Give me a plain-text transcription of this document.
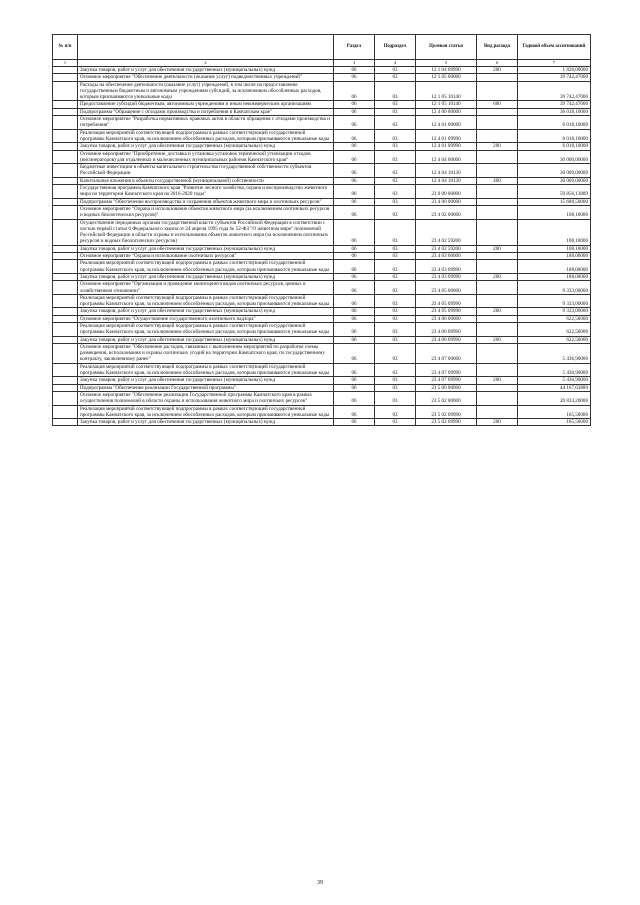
№ п/п		Раздел	Подраздел	Целевая статья	Вид расхода	Годовой объем ассигнований
1	2	3	4	5	6	7
	Закупка товаров, работ и услуг для обеспечения государственных (муниципальных) нужд	06	03	12 1 04 09990	200	1 826,00000
	Основное мероприятие "Обеспечение деятельности (оказание услуг) подведомственных учреждений"	06	03	12 1 05 00000		39 742,47000
	Расходы на обеспечение деятельности (оказание услуг) учреждений, в том числе на предоставление государственным бюджетным и автономным учреждениям субсидий, за исключением обособленных расходов, которым присваиваются уникальные коды	06	03	12 1 05 10140		39 742,47000
	Предоставление субсидий бюджетным, автономным учреждениям и иным некоммерческим организациям	06	03	12 1 05 10140	600	39 742,47000
	Подпрограмма "Обращение с отходами производства и потребления в Камчатском крае"	06	03	12 4 00 00000		36 018,10000
	Основное мероприятие "Разработка нормативных правовых актов в области обращения с отходами производства и потребления"	06	03	12 4 01 00000		6 018,10000
	Реализация мероприятий соответствующей подпрограммы в рамках соответствующей государственной программы Камчатского края, за исключением обособленных расходов, которым присваиваются уникальные коды	06	03	12 4 01 09990		6 018,10000
	Закупка товаров, работ и услуг для обеспечения государственных (муниципальных) нужд	06	03	12 4 01 09990	200	6 018,10000
	Основное мероприятие "Приобретение, доставка и установка установок термической утилизации отходов (инсинераторов) для отдаленных и малочисленных муниципальных районов Камчатского края"	06	03	12 4 04 00000		30 000,00000
	Бюджетные инвестиции в объекты капитального строительства государственной собственности субъектов Российской Федерации	06	03	12 4 04 10130		30 000,00000
	Капитальные вложения в объекты государственной (муниципальной) собственности	06	03	12 4 04 10130	400	30 000,00000
	Государственная программа Камчатского края "Развитие лесного хозяйства, охрана и воспроизводство животного мира на территории Камчатского края на 2016-2020 годы"	06	03	23 0 00 00000		59 856,13889
	Подпрограмма "Обеспечение воспроизводства и сохранения объектов животного мира и охотничьих ресурсов"	06	03	23 4 00 00000		15 688,50000
	Основное мероприятие "Охрана и использование объектов животного мира (за исключением охотничьих ресурсов и водных биологических ресурсов)"	06	03	23 4 02 00000		108,10000
	Осуществление переданных органам государственной власти субъектов Российской Федерации в соответствии с частью первой статьи 6 Федерального закона от 24 апреля 1995 года № 52-ФЗ "О животном мире" полномочий Российской Федерации в области охраны и использования объектов животного мира (за исключением охотничьих ресурсов и водных биологических ресурсов)	06	03	23 4 02 59200		108,10000
	Закупка товаров, работ и услуг для обеспечения государственных (муниципальных) нужд	06	03	23 4 02 59200	200	108,10000
	Основное мероприятие "Охрана и использование охотничьих ресурсов"	06	03	23 4 03 00000		188,00000
	Реализация мероприятий соответствующей подпрограммы в рамках соответствующей государственной программы Камчатского края, за исключением обособленных расходов, которым присваиваются уникальные коды	06	03	23 4 03 09990		188,00000
	Закупка товаров, работ и услуг для обеспечения государственных (муниципальных) нужд	06	03	23 4 03 09990	200	188,00000
	Основное мероприятие "Организация и проведение мониторинга видов охотничьих ресурсов, ценных в хозяйственном отношении"	06	03	23 4 05 00000		9 333,00000
	Реализация мероприятий соответствующей подпрограммы в рамках соответствующей государственной программы Камчатского края, за исключением обособленных расходов, которым присваиваются уникальные коды	06	03	23 4 05 09990		9 333,00000
	Закупка товаров, работ и услуг для обеспечения государственных (муниципальных) нужд	06	03	23 4 05 09990	200	9 333,00000
	Основное мероприятие "Осуществление государственного охотничьего надзора"	06	03	23 4 06 00000		622,50000
	Реализация мероприятий соответствующей подпрограммы в рамках соответствующей государственной программы Камчатского края, за исключением обособленных расходов, которым присваиваются уникальные коды	06	03	23 4 06 09990		622,50000
	Закупка товаров, работ и услуг для обеспечения государственных (муниципальных) нужд	06	03	23 4 06 09990	200	622,50000
	Основное мероприятие "Обеспечение расходов, связанных с выполнением мероприятий по разработке схемы размещения, использования и охраны охотничьих угодий на территории Камчатского края, по государственному контракту, заключенному ранее"	06	03	23 4 07 00000		5 436,90000
	Реализация мероприятий соответствующей подпрограммы в рамках соответствующей государственной программы Камчатского края, за исключением обособленных расходов, которым присваиваются уникальные коды	06	03	23 4 07 09990		5 436,90000
	Закупка товаров, работ и услуг для обеспечения государственных (муниципальных) нужд	06	03	23 4 07 09990	200	5 436,90000
	Подпрограмма "Обеспечение реализации Государственной программы"	06	03	23 5 00 00000		44 167,63889
	Основное мероприятие "Обеспечение реализации Государственной программы Камчатского края в рамках осуществления полномочий в области охраны и использования животного мира и охотничьих ресурсов"	06	03	23 5 02 00000		20 833,20000
	Реализация мероприятий соответствующей подпрограммы в рамках соответствующей государственной программы Камчатского края, за исключением обособленных расходов, которым присваиваются уникальные коды	06	03	23 5 02 09990		165,50000
	Закупка товаров, работ и услуг для обеспечения государственных (муниципальных) нужд	06	03	23 5 02 09990	200	165,50000
39
